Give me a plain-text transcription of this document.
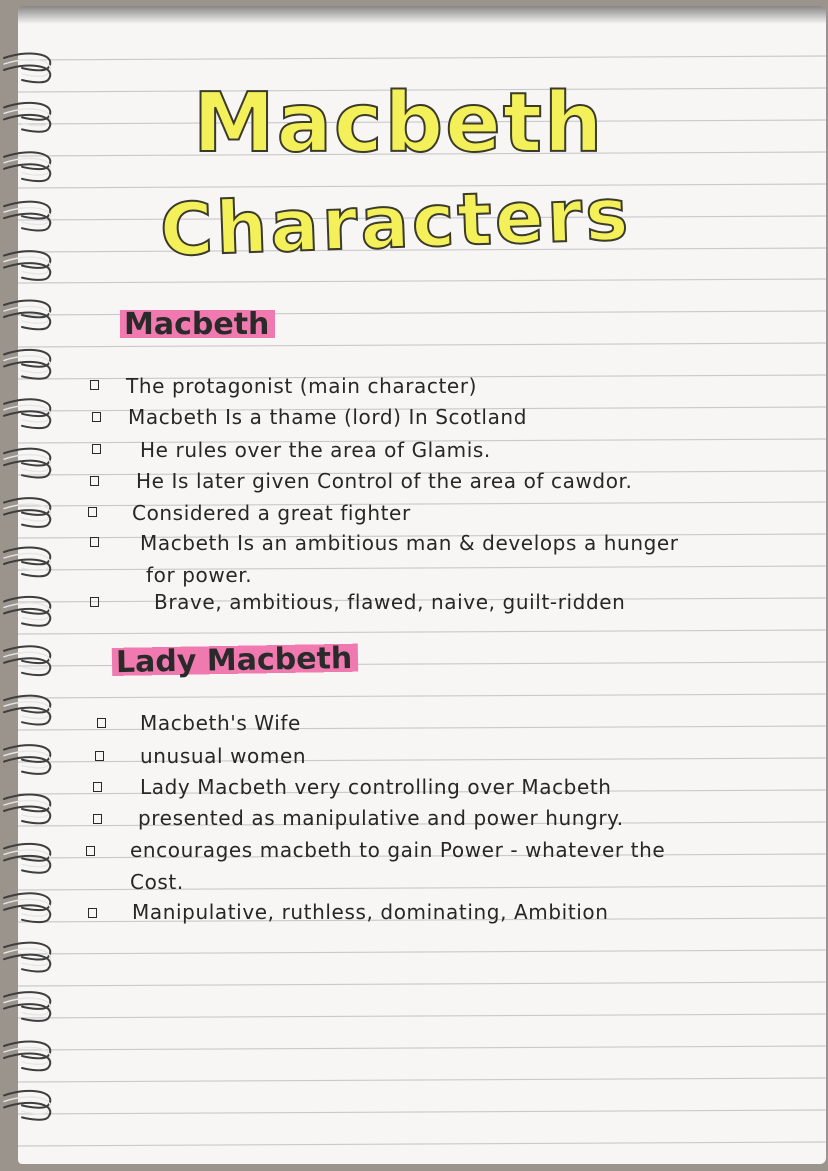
Macbeth
Characters
Macbeth

The protagonist (main character)

Macbeth Is a thame (lord) In Scotland

He rules over the area of Glamis.

He Is later given Control of the area of cawdor.

Considered a great fighter

Macbeth Is an ambitious man & develops a hunger

for power.

Brave, ambitious, flawed, naive, guilt-ridden

Lady Macbeth

Macbeth's Wife

unusual women

Lady Macbeth very controlling over Macbeth

presented as manipulative and power hungry.

encourages macbeth to gain Power - whatever the

Cost.

Manipulative, ruthless, dominating, Ambition
